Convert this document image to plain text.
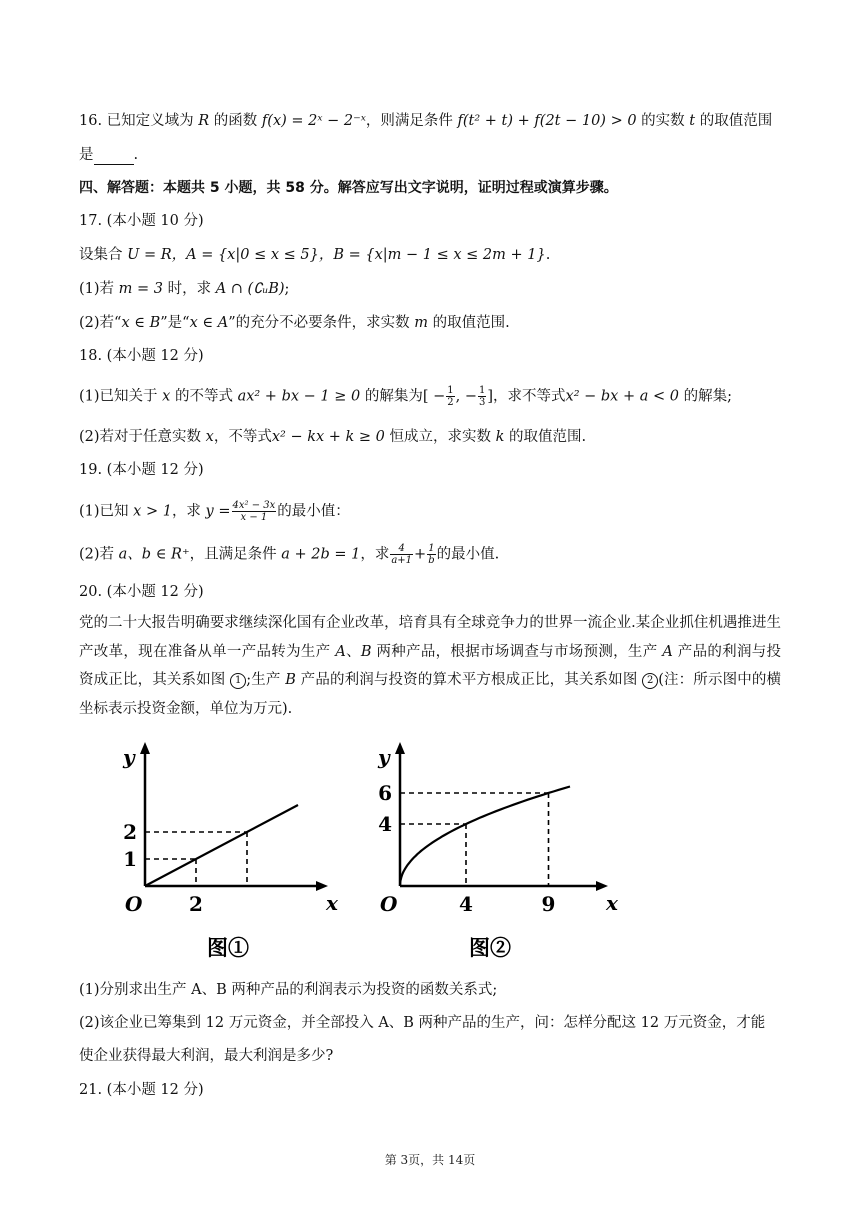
16. 已知定义域为 R 的函数 f(x) = 2ˣ − 2⁻ˣ，则满足条件 f(t² + t) + f(2t − 10) > 0 的实数 t 的取值范围
是	.
四、解答题：本题共 5 小题，共 58 分。解答应写出文字说明，证明过程或演算步骤。
17. (本小题 10 分)
设集合 U = R，A = {x|0 ≤ x ≤ 5}，B = {x|m − 1 ≤ x ≤ 2m + 1}.
(1)若 m = 3 时，求 A ∩ (∁ᵤB);
(2)若“x ∈ B”是“x ∈ A”的充分不必要条件，求实数 m 的取值范围.
18. (本小题 12 分)
(1)已知关于 x 的不等式 ax² + bx − 1 ≥ 0 的解集为[ − $\frac{1}{2}$ , − $\frac{1}{3}$ ]，求不等式x² − bx + a < 0 的解集;
(2)若对于任意实数 x，不等式x² − kx + k ≥ 0 恒成立，求实数 k 的取值范围.
19. (本小题 12 分)
(1)已知 x > 1，求 $y = \frac{\text{4x² − 3x}}{x - 1}$ 的最小值：
(2)若 a、b ∈ R⁺，且满足条件 a + 2b = 1，求 $\frac{4}{a+1} + \frac{1}{b}$ 的最小值.
20. (本小题 12 分)
党的二十大报告明确要求继续深化国有企业改革，培育具有全球竞争力的世界一流企业.某企业抓住机遇推进生产改革，现在准备从单一产品转为生产 A、B 两种产品，根据市场调查与市场预测，生产 A 产品的利润与投资成正比，其关系如图 1 ;生产 B 产品的利润与投资的算术平方根成正比，其关系如图 2 (注：所示图中的横坐标表示投资金额，单位为万元).
x
y
O 2
1
2
图①
x
y
O	4	9
4
6
图②
(1)分别求出生产 A、B 两种产品的利润表示为投资的函数关系式;
(2)该企业已筹集到 12 万元资金，并全部投入 A、B 两种产品的生产，问：怎样分配这 12 万元资金，才能
使企业获得最大利润，最大利润是多少?
21. (本小题 12 分)
第 3页，共 14页
